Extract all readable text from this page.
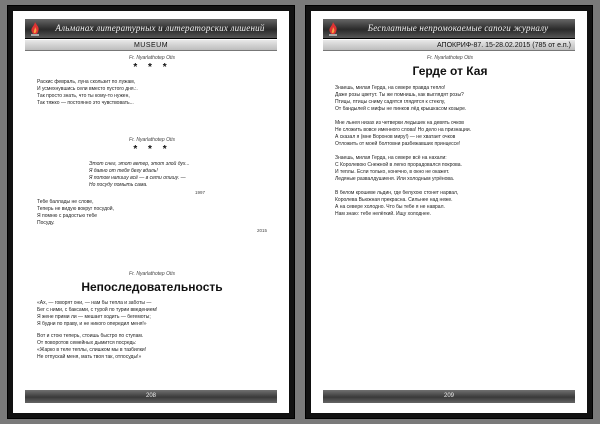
Альманах литературных и литераторских лишений
MUSEUM
Fr. Nyarlathotep Otis
* * *
Раскис февраль, луна скользит по лужам,
И усмехнувшись сели вместо пустого дня.:.
Так просто знать, что ты кому-то нужен,
Так тяжко — постоянно это чувствовать...
Fr. Nyarlathotep Otis
* * *
Этот снег, этот ветер, этот злой дух...
Я давно от тебя бегу вдаль!
Я потом напишу всё — в сети опишу. —
Но посуду помыть сама.
1997
Тебе баллады не слове,
Теперь не видую вокруг посудой,
Я помню с радостью тебе
Посуду.
2015
Fr. Nyarlathotep Otis
Непоследовательность
«Ах, — говорят они, — нам бы тепла и заботы —
Бег с ними, с баксами, с турой по турии введением!
Я жене прими ли — мешает ходить — бегемоты;
Я будни по праву, и не никого опередил меня!»
Вот и стою теперь, стоишь быстро по ступам.
От поворотов семейных дымится посредь:
«Жарко в теле теплы, слишком мы в тазбилки!
Не отпускай меня, мать твоя так, отпосуды!»
208
Бесплатные непромокаемые сапоги журналу
АПОКРИФ-87. 15-28.02.2015 (785 от е.п.)
Fr. Nyarlathotep Otis
Герде от Кая
Знаешь, милая Герда, на севере правда тепло!
Даже розы цветут. Ты же помнишь, как выглядят розы?
Птицы, птицы сниму садятся глядятся к стеклу,
От бандылей с мифы не пинков лёд крышкасом козыре.
Мне льнея низах из четверки ледышек на девять очков
Не сложить вовсе именного слова! Но дело на признации.
А сказал я (мне Воронов миру!) — не хватает очков
Отложить от моей болтовни разбежавших принцессе!
Знаешь, милая Герда, на севере всё на нахали:
С Королевою Снежной в легко прорадовался покрова.
И теплы. Если только, конечно, в окно не окажет.
Ледяные развалдушиеня. Или холодным угрёнова.
В белом крошеве льдин, где белухою стонет нарвал,
Королева Вьюжная прекрасна. Сильнее над неже.
А на севере холодно. Что бы тебе я не наврал.
Нам знаю: тебе нелёгкий. Ищу холоднее.
209
